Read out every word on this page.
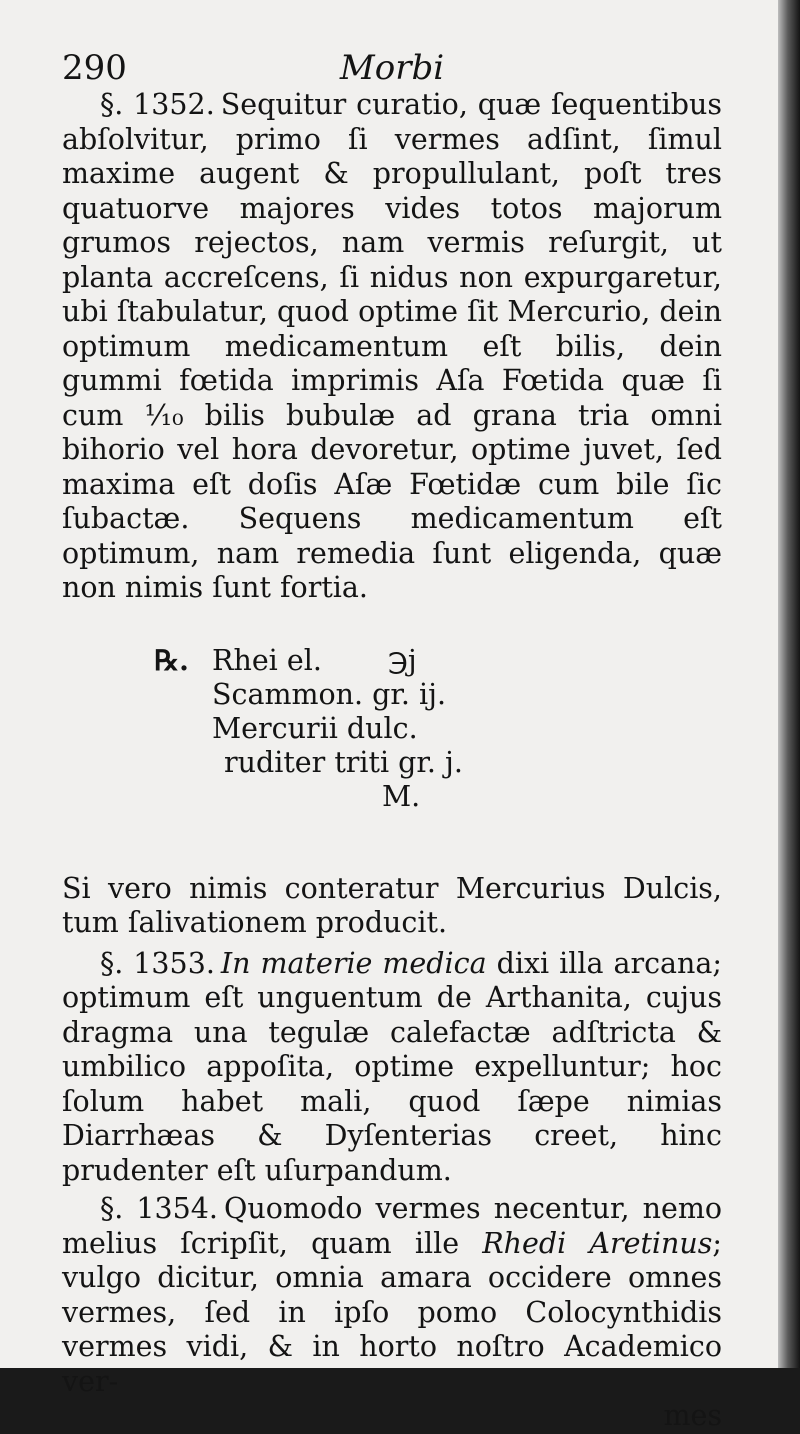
290	Morbi

§. 1352. Sequitur curatio, quæ ſequentibus abſolvitur, primo ſi vermes adſint, ſimul maxime augent & propullulant, poſt tres quatuorve majores vides totos majorum grumos rejectos, nam vermis reſurgit, ut planta accreſcens, ſi nidus non expurgaretur, ubi ſtabulatur, quod optime ſit Mercurio, dein optimum medicamentum eſt bilis, dein gummi fœtida imprimis Aſa Fœtida quæ ſi cum ¹⁄₁₀ bilis bubulæ ad grana tria omni bihorio vel hora devoretur, optime juvet, ſed maxima eſt doſis Aſæ Fœtidæ cum bile ſic ſubactæ. Sequens medicamentum eſt optimum, nam remedia ſunt eligenda, quæ non nimis ſunt fortia.

℞. Rhei el. ℈j
Scammon. gr. ij.
Mercurii dulc.
ruditer triti gr. j.
M.

Si vero nimis conteratur Mercurius Dulcis, tum ſalivationem producit.

§. 1353. In materie medica dixi illa arcana; optimum eſt unguentum de Arthanita, cujus dragma una tegulæ calefactæ adſtricta & umbilico appoſita, optime expelluntur; hoc ſolum habet mali, quod ſæpe nimias Diarrhæas & Dyſenterias creet, hinc prudenter eſt uſurpandum.

§. 1354. Quomodo vermes necentur, nemo melius ſcripſit, quam ille Rhedi Aretinus; vulgo dicitur, omnia amara occidere omnes vermes, ſed in ipſo pomo Colocynthidis vermes vidi, & in horto noſtro Academico ver-

mes
